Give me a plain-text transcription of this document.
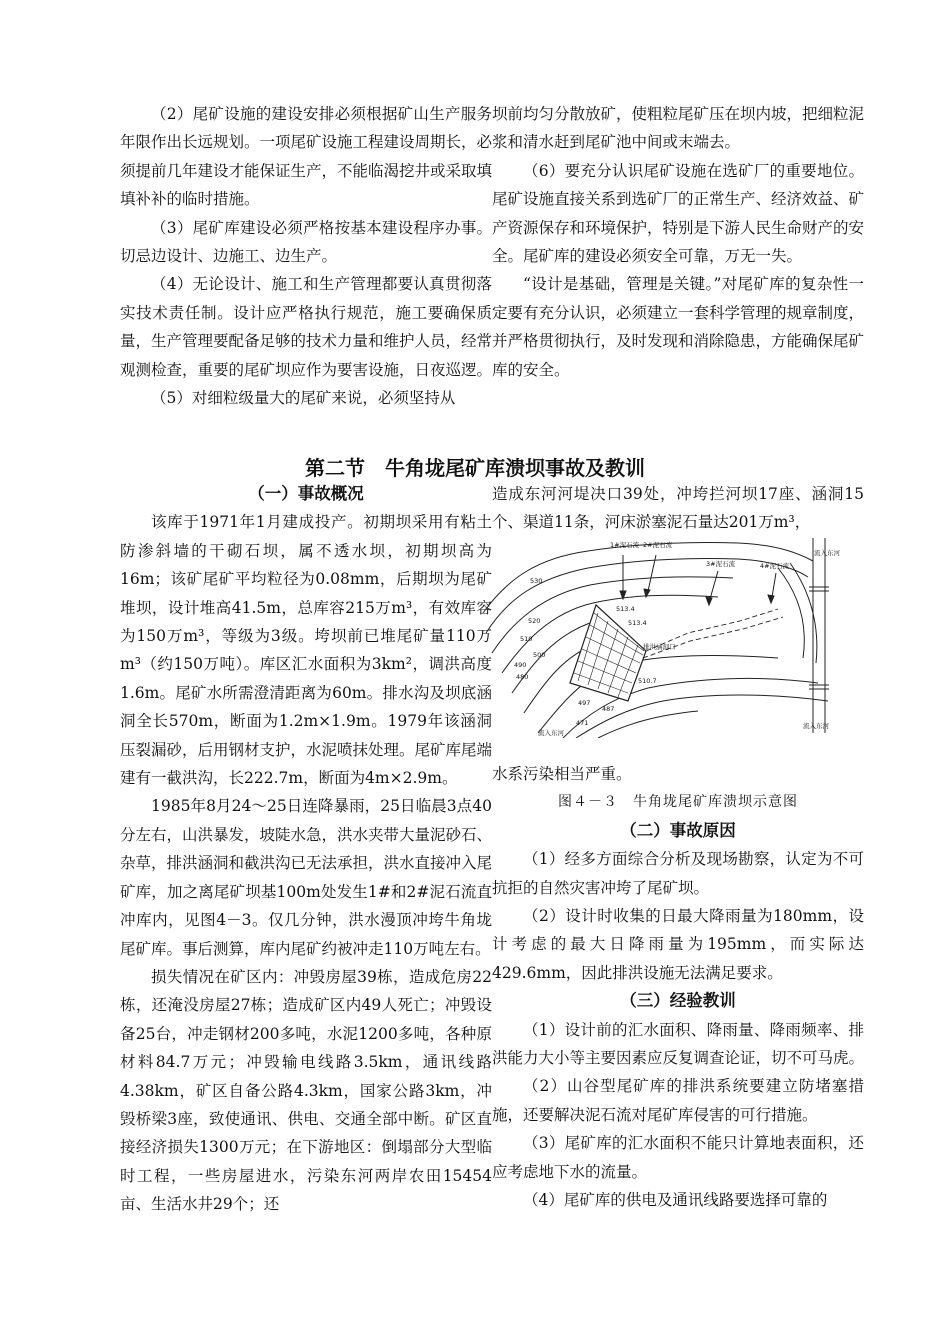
（2）尾矿设施的建设安排必须根据矿山生产服务年限作出长远规划。一项尾矿设施工程建设周期长，必须提前几年建设才能保证生产，不能临渴挖井或采取填填补补的临时措施。

（3）尾矿库建设必须严格按基本建设程序办事。切忌边设计、边施工、边生产。

（4）无论设计、施工和生产管理都要认真贯彻落实技术责任制。设计应严格执行规范，施工要确保质量，生产管理要配备足够的技术力量和维护人员，经常观测检查，重要的尾矿坝应作为要害设施，日夜巡逻。

（5）对细粒级量大的尾矿来说，必须坚持从

坝前均匀分散放矿，使粗粒尾矿压在坝内坡，把细粒泥浆和清水赶到尾矿池中间或末端去。

（6）要充分认识尾矿设施在选矿厂的重要地位。尾矿设施直接关系到选矿厂的正常生产、经济效益、矿产资源保存和环境保护，特别是下游人民生命财产的安全。尾矿库的建设必须安全可靠，万无一失。

“设计是基础，管理是关键。”对尾矿库的复杂性一定要有充分认识，必须建立一套科学管理的规章制度，并严格贯彻执行，及时发现和消除隐患，方能确保尾矿库的安全。

第二节　牛角垅尾矿库溃坝事故及教训

（一）事故概况

该库于1971年1月建成投产。初期坝采用有粘土防渗斜墙的干砌石坝，属不透水坝，初期坝高为16m；该矿尾矿平均粒径为0.08mm，后期坝为尾矿堆坝，设计堆高41.5m，总库容215万m³，有效库容为150万m³，等级为3级。垮坝前已堆尾矿量110万m³（约150万吨）。库区汇水面积为3km²，调洪高度1.6m。尾矿水所需澄清距离为60m。排水沟及坝底涵洞全长570m，断面为1.2m×1.9m。1979年该涵洞压裂漏砂，后用钢材支护，水泥喷抹处理。尾矿库尾端建有一截洪沟，长222.7m，断面为4m×2.9m。

1985年8月24～25日连降暴雨，25日临晨3点40分左右，山洪暴发，坡陡水急，洪水夹带大量泥砂石、杂草，排洪涵洞和截洪沟已无法承担，洪水直接冲入尾矿库，加之离尾矿坝基100m处发生1#和2#泥石流直冲库内，见图4－3。仅几分钟，洪水漫顶冲垮牛角垅尾矿库。事后测算，库内尾矿约被冲走110万吨左右。

损失情况在矿区内：冲毁房屋39栋，造成危房22栋，还淹没房屋27栋；造成矿区内49人死亡；冲毁设备25台，冲走钢材200多吨，水泥1200多吨，各种原材料84.7万元；冲毁输电线路3.5km，通讯线路4.38km，矿区自备公路4.3km，国家公路3km，冲毁桥梁3座，致使通讯、供电、交通全部中断。矿区直接经济损失1300万元；在下游地区：倒塌部分大型临时工程，一些房屋进水，污染东河两岸农田15454亩、生活水井29个；还

造成东河河堤决口39处，冲垮拦河坝17座、涵洞15个、渠道11条，河床淤塞泥石量达201万m³，

1#泥石流 2#泥石流
3#泥石流	4#泥石流
流入东河
流入东河
流入东河
排洪涵洞口
530
520
510
500
490
480
513.4
513.4
510.7
487
471
497

水系污染相当严重。

图４－３　牛角垅尾矿库溃坝示意图

（二）事故原因

（1）经多方面综合分析及现场勘察，认定为不可抗拒的自然灾害冲垮了尾矿坝。

（2）设计时收集的日最大降雨量为180mm，设计考虑的最大日降雨量为195mm，而实际达429.6mm，因此排洪设施无法满足要求。

（三）经验教训

（1）设计前的汇水面积、降雨量、降雨频率、排洪能力大小等主要因素应反复调查论证，切不可马虎。

（2）山谷型尾矿库的排洪系统要建立防堵塞措施，还要解决泥石流对尾矿库侵害的可行措施。

（3）尾矿库的汇水面积不能只计算地表面积，还应考虑地下水的流量。

（4）尾矿库的供电及通讯线路要选择可靠的
